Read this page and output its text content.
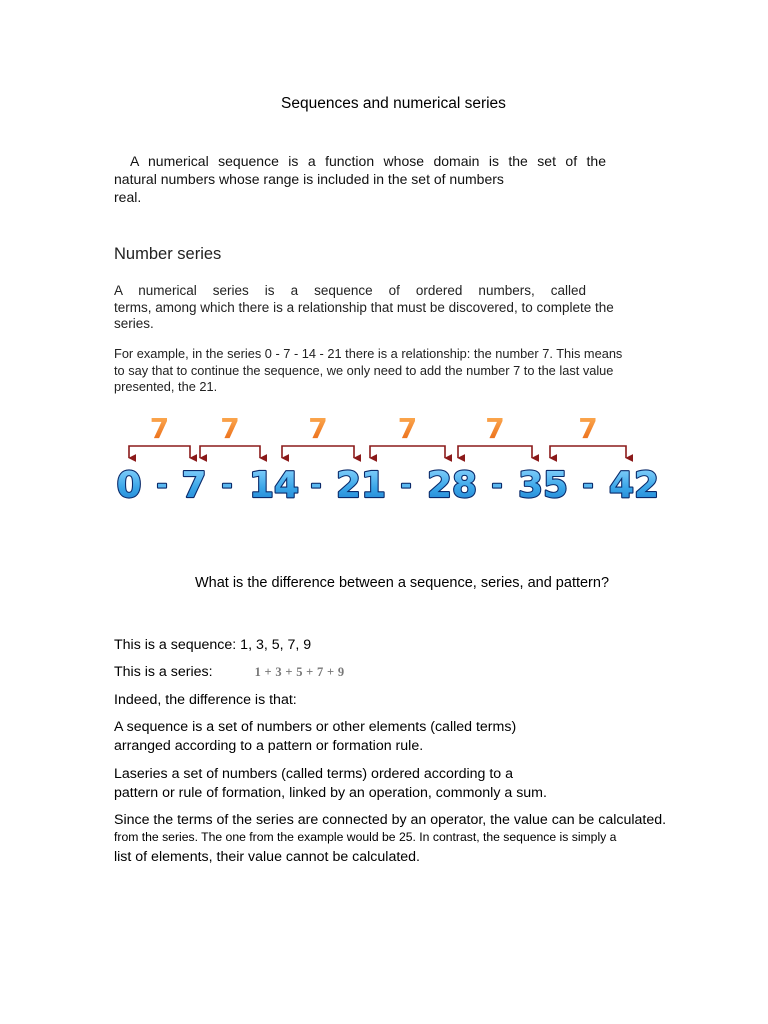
Sequences and numerical series
A numerical sequence is a function whose domain is the set of the
natural numbers whose range is included in the set of numbers
real.
Number series
A numerical series is a sequence of ordered numbers, called
terms, among which there is a relationship that must be discovered, to complete the
series.
For example, in the series 0 - 7 - 14 - 21 there is a relationship: the number 7. This means
to say that to continue the sequence, we only need to add the number 7 to the last value
presented, the 21.
7 7 7	7 7	7
0 7 14 21 28 35 42
- -	-	-	-	-
What is the difference between a sequence, series, and pattern?
This is a sequence: 1, 3, 5, 7, 9
This is a series:	1 + 3 + 5 + 7 + 9
Indeed, the difference is that:
A sequence is a set of numbers or other elements (called terms)
arranged according to a pattern or formation rule.
Laseries a set of numbers (called terms) ordered according to a
pattern or rule of formation, linked by an operation, commonly a sum.
Since the terms of the series are connected by an operator, the value can be calculated.
from the series. The one from the example would be 25. In contrast, the sequence is simply a
list of elements, their value cannot be calculated.
